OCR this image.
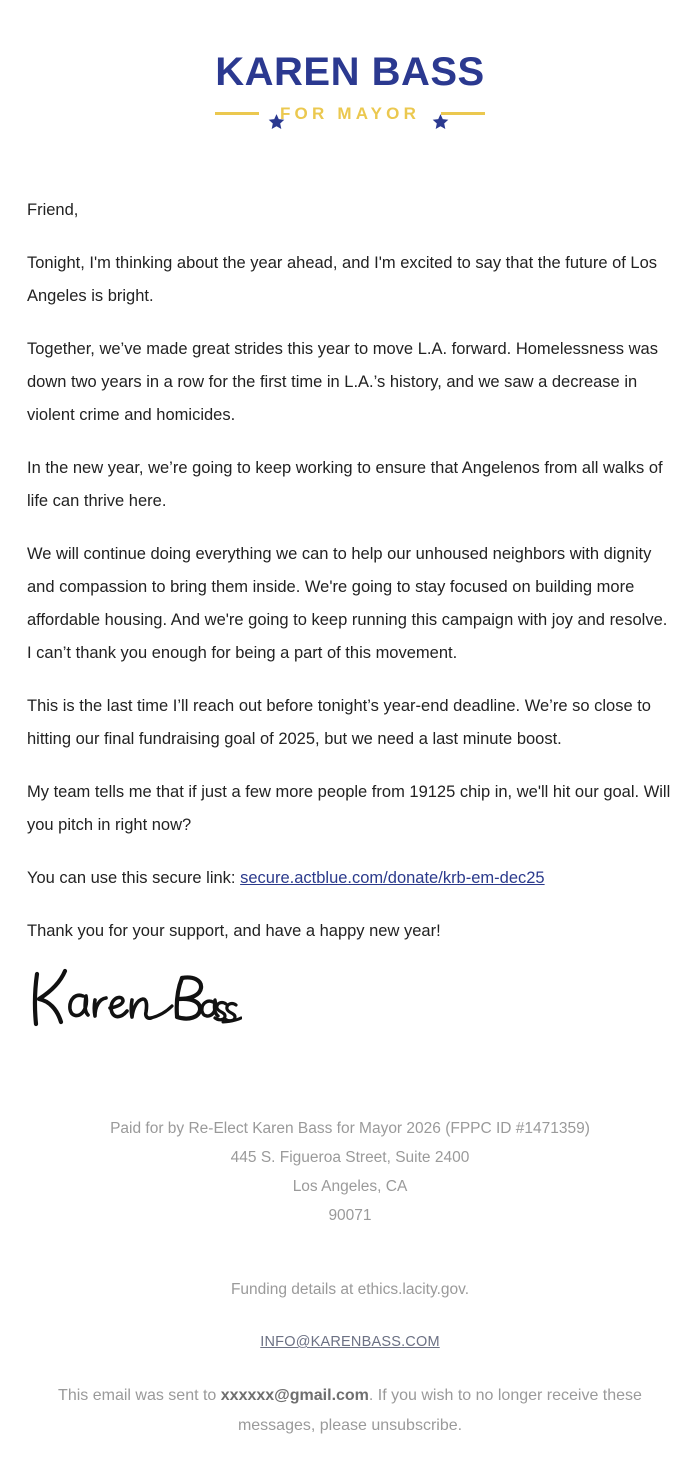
KAREN BASS
FOR MAYOR

Friend,

Tonight, I'm thinking about the year ahead, and I'm excited to say that the future of Los Angeles is bright.

Together, we’ve made great strides this year to move L.A. forward. Homelessness was down two years in a row for the first time in L.A.’s history, and we saw a decrease in violent crime and homicides.

In the new year, we’re going to keep working to ensure that Angelenos from all walks of life can thrive here.

We will continue doing everything we can to help our unhoused neighbors with dignity and compassion to bring them inside. We're going to stay focused on building more affordable housing. And we're going to keep running this campaign with joy and resolve. I can’t thank you enough for being a part of this movement.

This is the last time I’ll reach out before tonight’s year-end deadline. We’re so close to hitting our final fundraising goal of 2025, but we need a last minute boost.

My team tells me that if just a few more people from 19125 chip in, we'll hit our goal. Will you pitch in right now?

You can use this secure link: secure.actblue.com/donate/krb-em-dec25

Thank you for your support, and have a happy new year!

Paid for by Re-Elect Karen Bass for Mayor 2026 (FPPC ID #1471359)
445 S. Figueroa Street, Suite 2400
Los Angeles, CA
90071
Funding details at ethics.lacity.gov.
INFO@KARENBASS.COM
This email was sent to xxxxxx@gmail.com. If you wish to no longer receive these messages, please unsubscribe.
